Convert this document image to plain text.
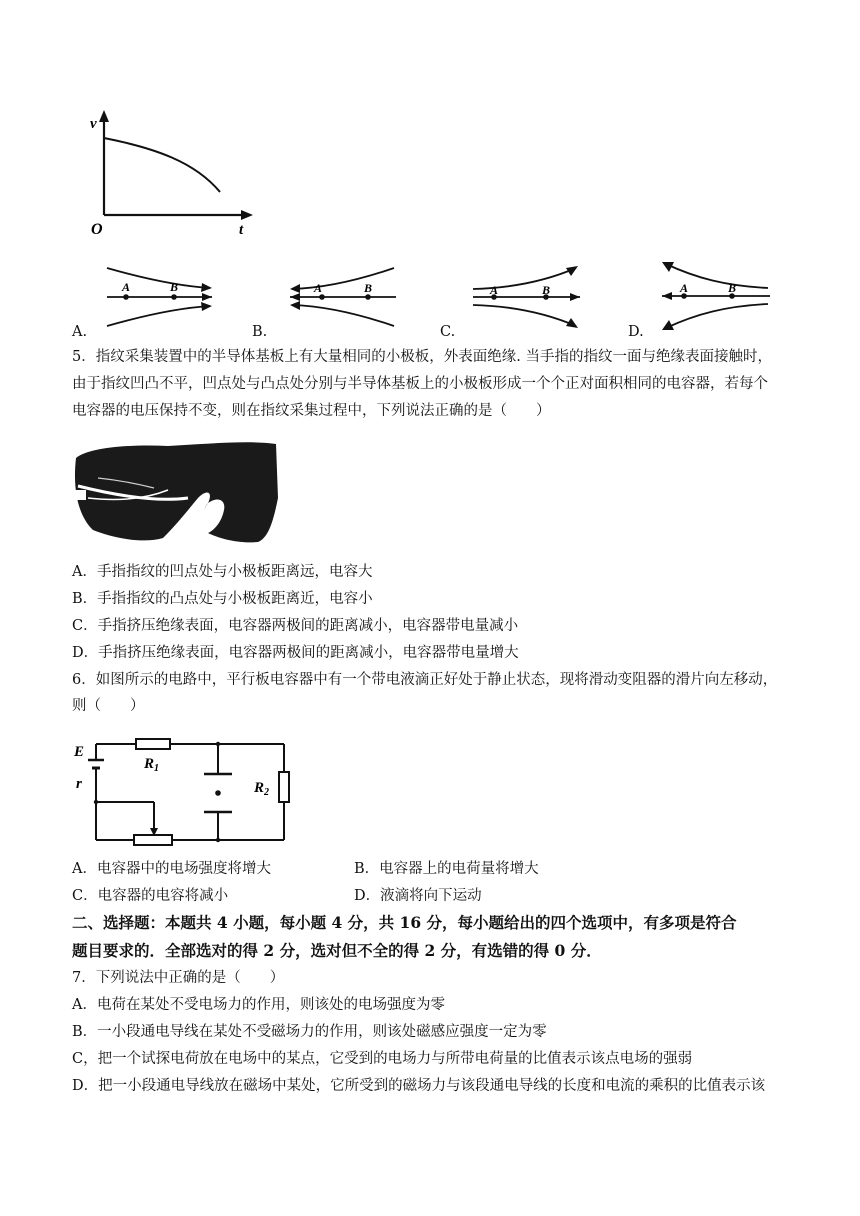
v
t
O
A.
A	B
B.
A	B
C.
A	B
D.
A	B
5．指纹采集装置中的半导体基板上有大量相同的小极板，外表面绝缘. 当手指的指纹一面与绝缘表面接触时，
由于指纹凹凸不平，凹点处与凸点处分别与半导体基板上的小极板形成一个个正对面积相同的电容器，若每个
电容器的电压保持不变，则在指纹采集过程中，下列说法正确的是（　　）
A．手指指纹的凹点处与小极板距离远，电容大
B．手指指纹的凸点处与小极板距离近，电容小
C．手指挤压绝缘表面，电容器两极间的距离减小，电容器带电量减小
D．手指挤压绝缘表面，电容器两极间的距离减小，电容器带电量增大
6．如图所示的电路中，平行板电容器中有一个带电液滴正好处于静止状态，现将滑动变阻器的滑片向左移动，
则（　　）
E
r
$R_1$
$R_2$
A．电容器中的电场强度将增大	B．电容器上的电荷量将增大
C．电容器的电容将减小	D．液滴将向下运动
二、选择题：本题共 4 小题，每小题 4 分，共 16 分，每小题给出的四个选项中，有多项是符合
题目要求的．全部选对的得 2 分，选对但不全的得 2 分，有选错的得 0 分．
7．下列说法中正确的是（　　）
A．电荷在某处不受电场力的作用，则该处的电场强度为零
B．一小段通电导线在某处不受磁场力的作用，则该处磁感应强度一定为零
C，把一个试探电荷放在电场中的某点，它受到的电场力与所带电荷量的比值表示该点电场的强弱
D．把一小段通电导线放在磁场中某处，它所受到的磁场力与该段通电导线的长度和电流的乘积的比值表示该
